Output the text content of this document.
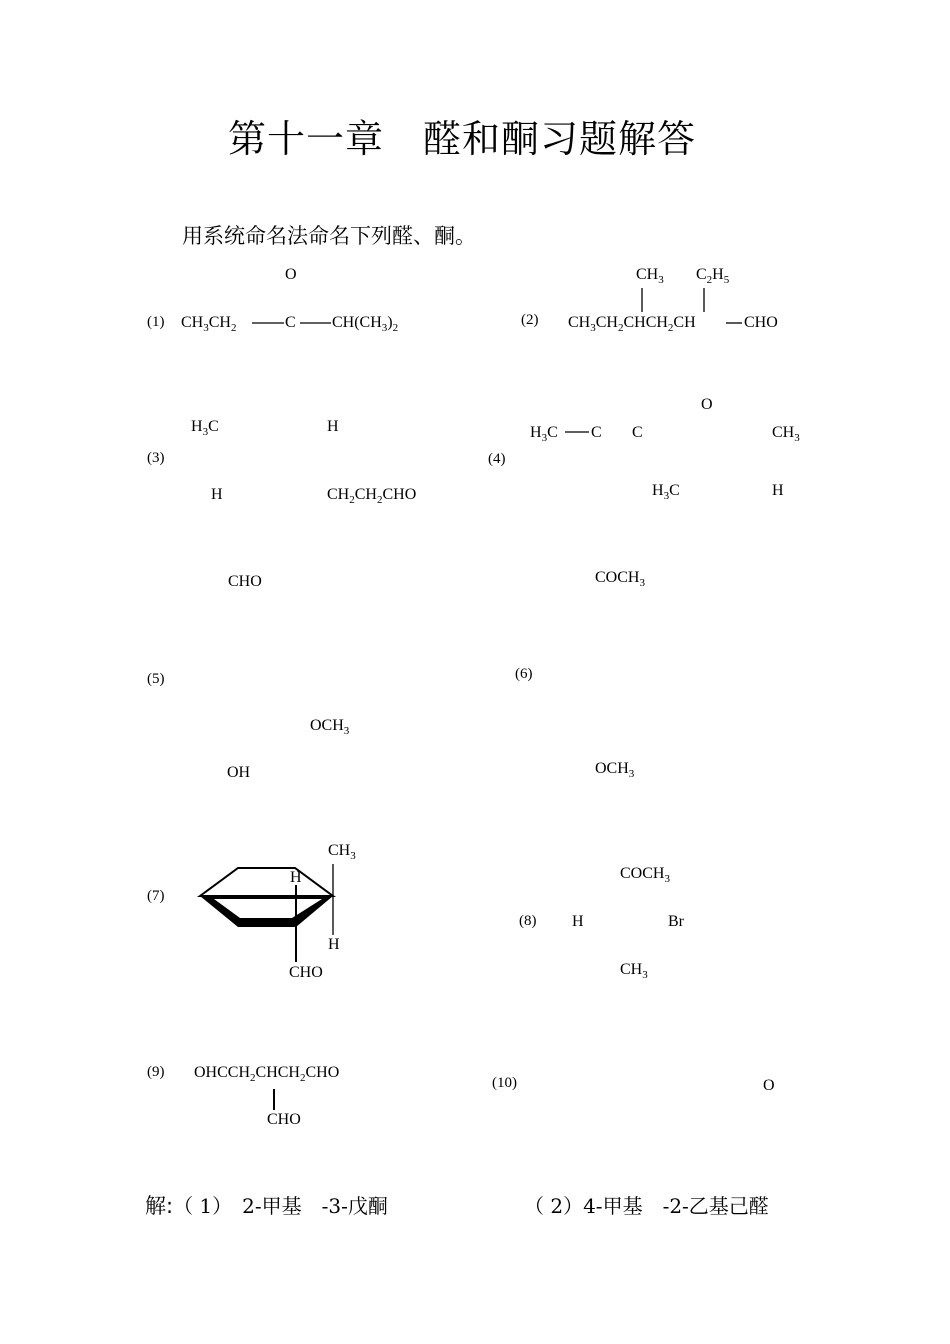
第十一章　醛和酮习题解答
用系统命名法命名下列醛、酮。
(1)
O
$CH_3CH_2$	C $CH(CH_3)_2$	(2)
$CH_3$ $C_2H_5$
$CH_3CH_2CHCH_2CH$	CHO
(3)
$H_3C$	H
H	$CH_2CH_2CHO$
(4)
O
$H_3C$ C C	$CH_3$
$H_3C$	H
(5)
CHO
$OCH_3$
OH
(6)
$COCH_3$
$OCH_3$
(7)
$CH_3$
H
H
CHO
(8)
$COCH_3$
H	Br
$CH_3$
(9) $OHCCH_2CHCH_2CHO$
CHO
(10)	O
解:（ 1）　2-甲基　-3-戊酮	（ 2）4-甲基　-2-乙基己醛
